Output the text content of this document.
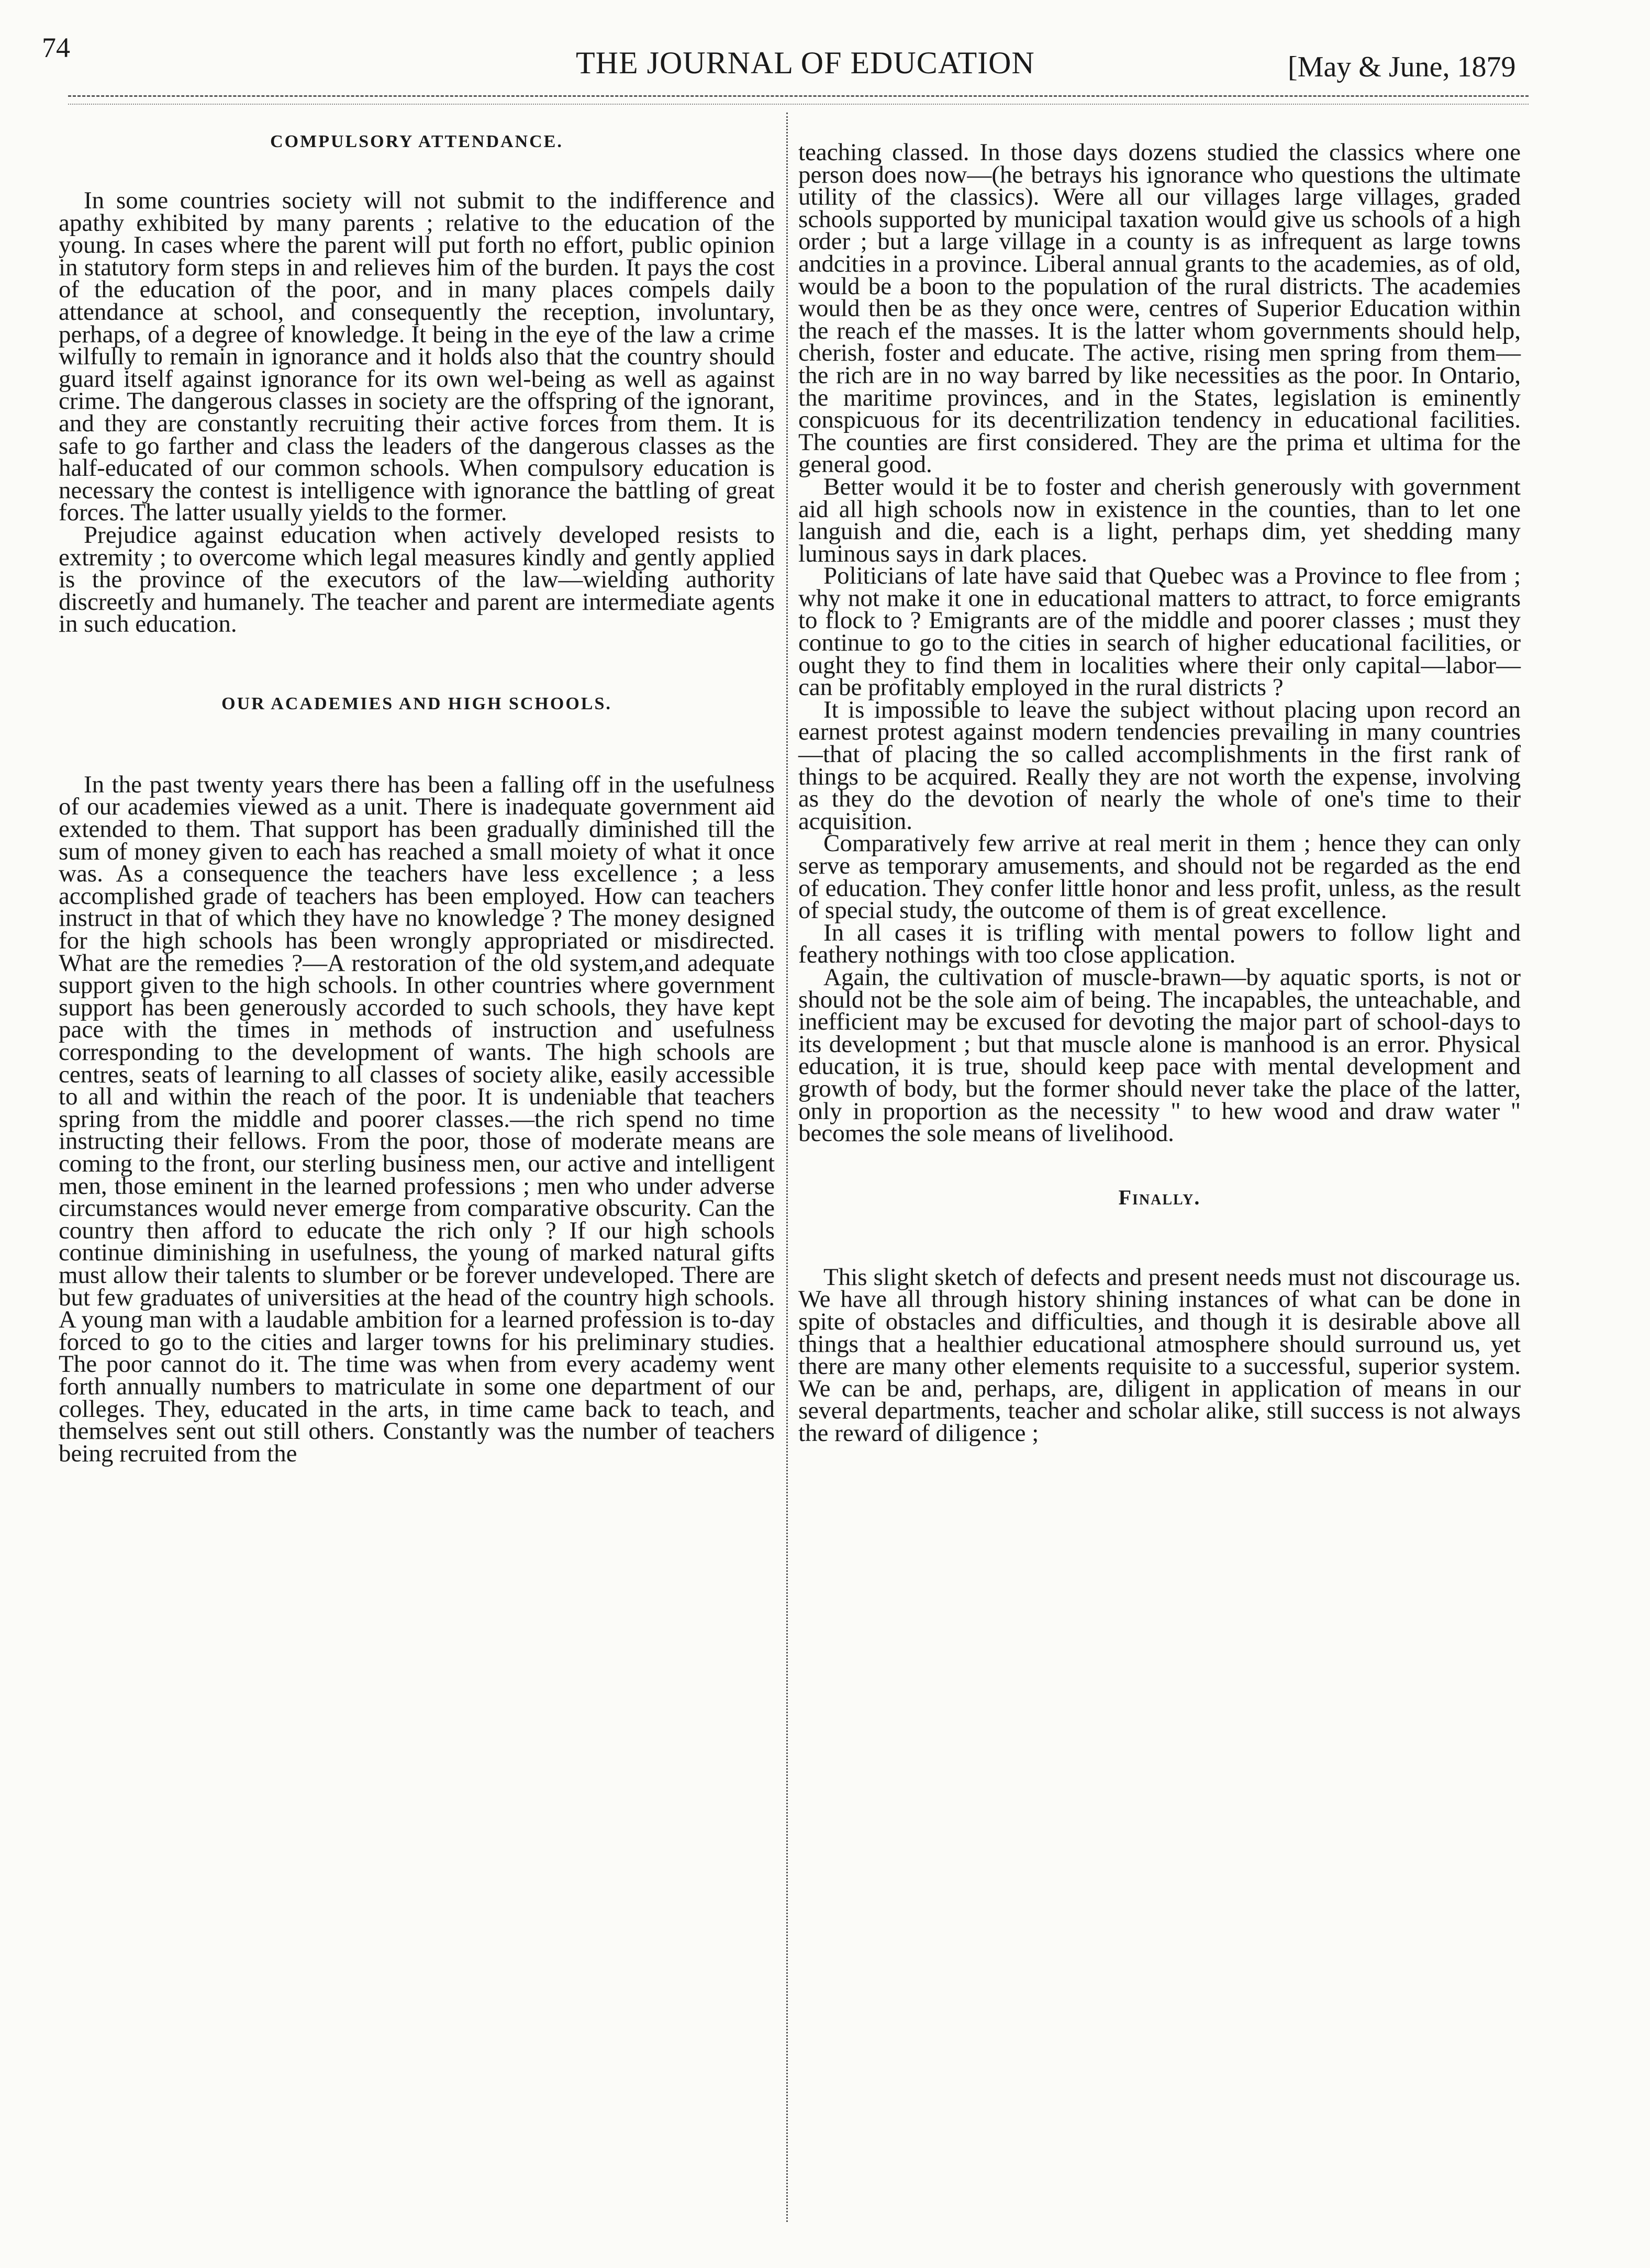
74	THE JOURNAL OF EDUCATION	[May & June, 1879
COMPULSORY ATTENDANCE.

In some countries society will not submit to the indifference and apathy exhibited by many parents ; relative to the education of the young. In cases where the parent will put forth no effort, public opinion in statutory form steps in and relieves him of the burden. It pays the cost of the education of the poor, and in many places compels daily attendance at school, and consequently the reception, involuntary, perhaps, of a degree of knowledge. It being in the eye of the law a crime wilfully to remain in ignorance and it holds also that the country should guard itself against ignorance for its own wel-being as well as against crime. The dangerous classes in society are the offspring of the ignorant, and they are constantly recruiting their active forces from them. It is safe to go farther and class the leaders of the dangerous classes as the half-educated of our common schools. When compulsory education is necessary the contest is intelligence with ignorance the battling of great forces. The latter usually yields to the former.

Prejudice against education when actively developed resists to extremity ; to overcome which legal measures kindly and gently applied is the province of the executors of the law—wielding authority discreetly and humanely. The teacher and parent are intermediate agents in such education.

OUR ACADEMIES AND HIGH SCHOOLS.

In the past twenty years there has been a falling off in the usefulness of our academies viewed as a unit. There is inadequate government aid extended to them. That support has been gradually diminished till the sum of money given to each has reached a small moiety of what it once was. As a consequence the teachers have less excellence ; a less accomplished grade of teachers has been employed. How can teachers instruct in that of which they have no knowledge ? The money designed for the high schools has been wrongly appropriated or misdirected. What are the remedies ?—A restoration of the old system,and adequate support given to the high schools. In other countries where government support has been generously accorded to such schools, they have kept pace with the times in methods of instruction and usefulness corresponding to the development of wants. The high schools are centres, seats of learning to all classes of society alike, easily accessible to all and within the reach of the poor. It is undeniable that teachers spring from the middle and poorer classes.—the rich spend no time instructing their fellows. From the poor, those of moderate means are coming to the front, our sterling business men, our active and intelligent men, those eminent in the learned professions ; men who under adverse circumstances would never emerge from comparative obscurity. Can the country then afford to educate the rich only ? If our high schools continue diminishing in usefulness, the young of marked natural gifts must allow their talents to slumber or be forever undeveloped. There are but few graduates of universities at the head of the country high schools. A young man with a laudable ambition for a learned profession is to-day forced to go to the cities and larger towns for his preliminary studies. The poor cannot do it. The time was when from every academy went forth annually numbers to matriculate in some one department of our colleges. They, educated in the arts, in time came back to teach, and themselves sent out still others. Constantly was the number of teachers being recruited from the

teaching classed. In those days dozens studied the classics where one person does now—(he betrays his ignorance who questions the ultimate utility of the classics). Were all our villages large villages, graded schools supported by municipal taxation would give us schools of a high order ; but a large village in a county is as infrequent as large towns andcities in a province. Liberal annual grants to the academies, as of old, would be a boon to the population of the rural districts. The academies would then be as they once were, centres of Superior Education within the reach ef the masses. It is the latter whom governments should help, cherish, foster and educate. The active, rising men spring from them—the rich are in no way barred by like necessities as the poor. In Ontario, the maritime provinces, and in the States, legislation is eminently conspicuous for its decentrilization tendency in educational facilities. The counties are first considered. They are the prima et ultima for the general good.

Better would it be to foster and cherish generously with government aid all high schools now in existence in the counties, than to let one languish and die, each is a light, perhaps dim, yet shedding many luminous says in dark places.

Politicians of late have said that Quebec was a Province to flee from ; why not make it one in educational matters to attract, to force emigrants to flock to ? Emigrants are of the middle and poorer classes ; must they continue to go to the cities in search of higher educational facilities, or ought they to find them in localities where their only capital—labor—can be profitably employed in the rural districts ?

It is impossible to leave the subject without placing upon record an earnest protest against modern tendencies prevailing in many countries—that of placing the so called accomplishments in the first rank of things to be acquired. Really they are not worth the expense, involving as they do the devotion of nearly the whole of one's time to their acquisition.

Comparatively few arrive at real merit in them ; hence they can only serve as temporary amusements, and should not be regarded as the end of education. They confer little honor and less profit, unless, as the result of special study, the outcome of them is of great excellence.

In all cases it is trifling with mental powers to follow light and feathery nothings with too close application.

Again, the cultivation of muscle-brawn—by aquatic sports, is not or should not be the sole aim of being. The incapables, the unteachable, and inefficient may be excused for devoting the major part of school-days to its development ; but that muscle alone is manhood is an error. Physical education, it is true, should keep pace with mental development and growth of body, but the former should never take the place of the latter, only in proportion as the necessity " to hew wood and draw water " becomes the sole means of livelihood.

Finally.

This slight sketch of defects and present needs must not discourage us. We have all through history shining instances of what can be done in spite of obstacles and difficulties, and though it is desirable above all things that a healthier educational atmosphere should surround us, yet there are many other elements requisite to a successful, superior system. We can be and, perhaps, are, diligent in application of means in our several departments, teacher and scholar alike, still success is not always the reward of diligence ;
